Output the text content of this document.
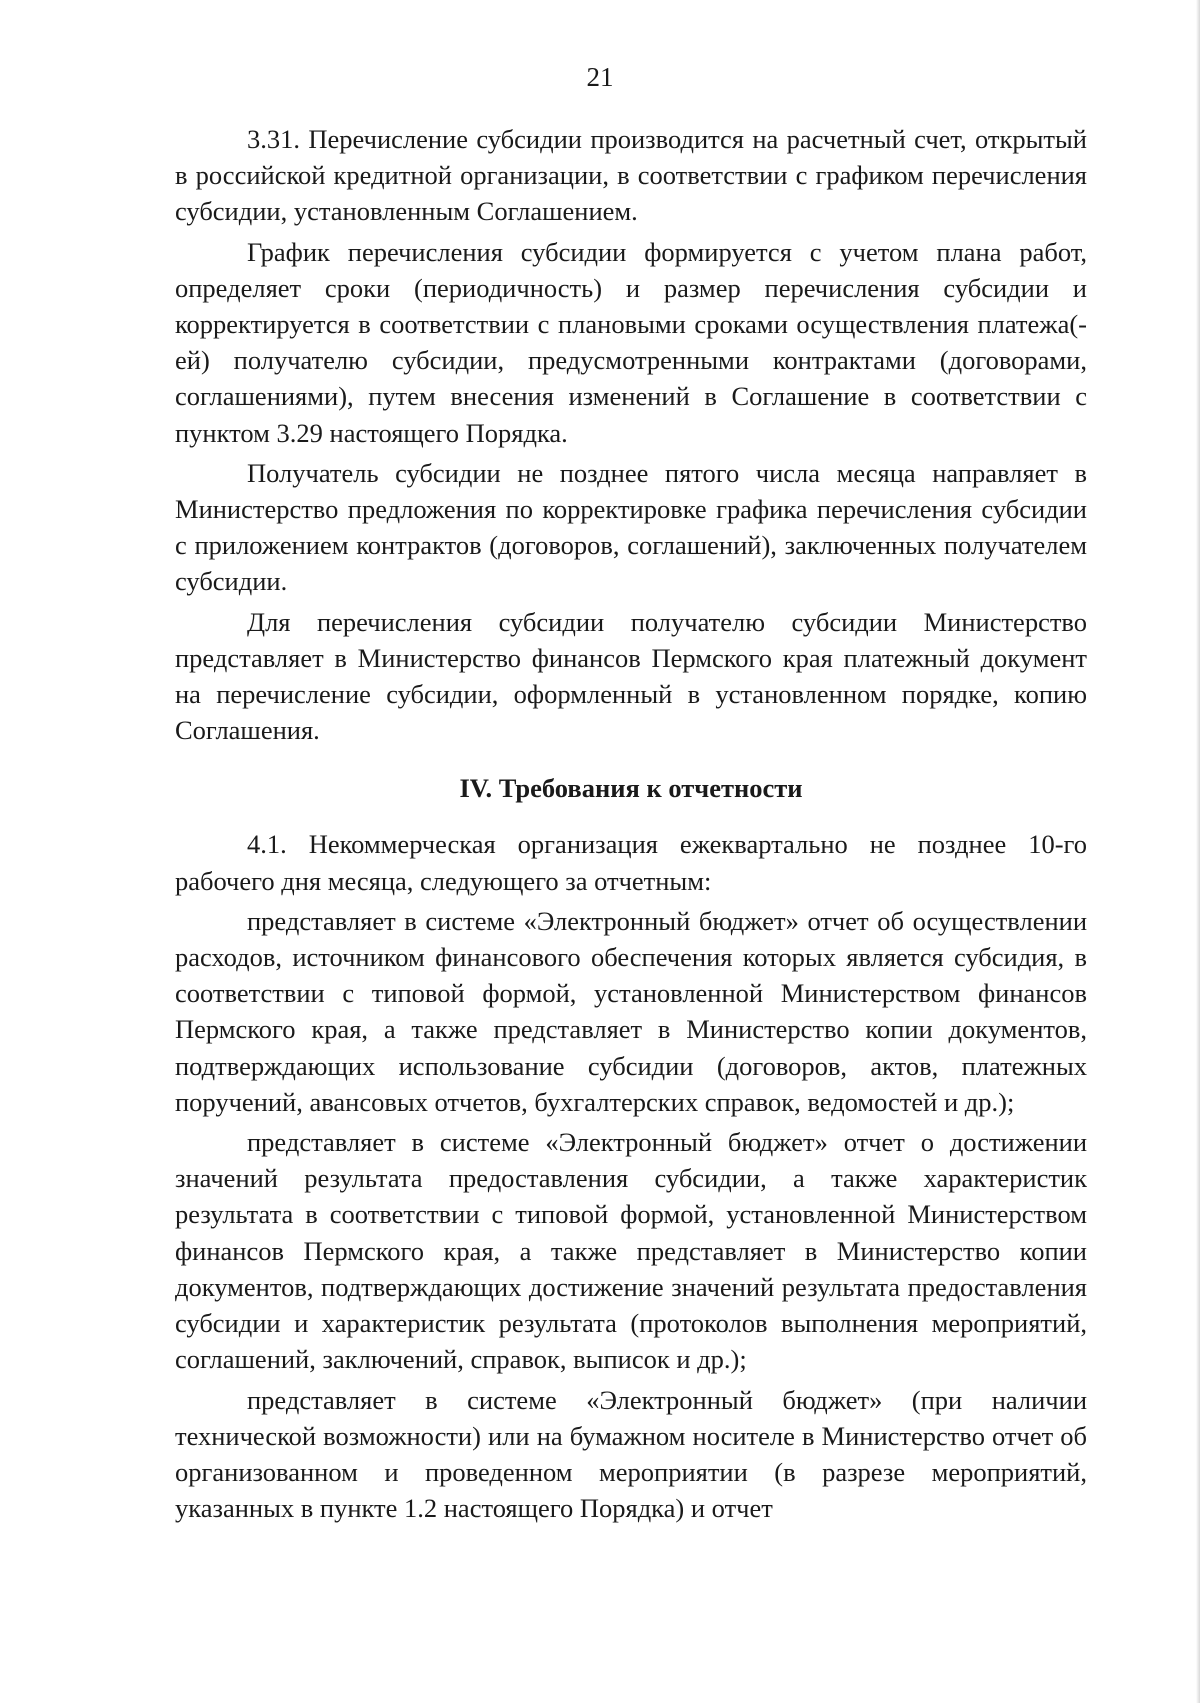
21

3.31. Перечисление субсидии производится на расчетный счет, открытый в российской кредитной организации, в соответствии с графиком перечисления субсидии, установленным Соглашением.

График перечисления субсидии формируется с учетом плана работ, определяет сроки (периодичность) и размер перечисления субсидии и корректируется в соответствии с плановыми сроками осуществления платежа(-ей) получателю субсидии, предусмотренными контрактами (договорами, соглашениями), путем внесения изменений в Соглашение в соответствии с пунктом 3.29 настоящего Порядка.

Получатель субсидии не позднее пятого числа месяца направляет в Министерство предложения по корректировке графика перечисления субсидии с приложением контрактов (договоров, соглашений), заключенных получателем субсидии.

Для перечисления субсидии получателю субсидии Министерство представляет в Министерство финансов Пермского края платежный документ на перечисление субсидии, оформленный в установленном порядке, копию Соглашения.

IV. Требования к отчетности

4.1. Некоммерческая организация ежеквартально не позднее 10-го рабочего дня месяца, следующего за отчетным:

представляет в системе «Электронный бюджет» отчет об осуществлении расходов, источником финансового обеспечения которых является субсидия, в соответствии с типовой формой, установленной Министерством финансов Пермского края, а также представляет в Министерство копии документов, подтверждающих использование субсидии (договоров, актов, платежных поручений, авансовых отчетов, бухгалтерских справок, ведомостей и др.);

представляет в системе «Электронный бюджет» отчет о достижении значений результата предоставления субсидии, а также характеристик результата в соответствии с типовой формой, установленной Министерством финансов Пермского края, а также представляет в Министерство копии документов, подтверждающих достижение значений результата предоставления субсидии и характеристик результата (протоколов выполнения мероприятий, соглашений, заключений, справок, выписок и др.);

представляет в системе «Электронный бюджет» (при наличии технической возможности) или на бумажном носителе в Министерство отчет об организованном и проведенном мероприятии (в разрезе мероприятий, указанных в пункте 1.2 настоящего Порядка) и отчет
